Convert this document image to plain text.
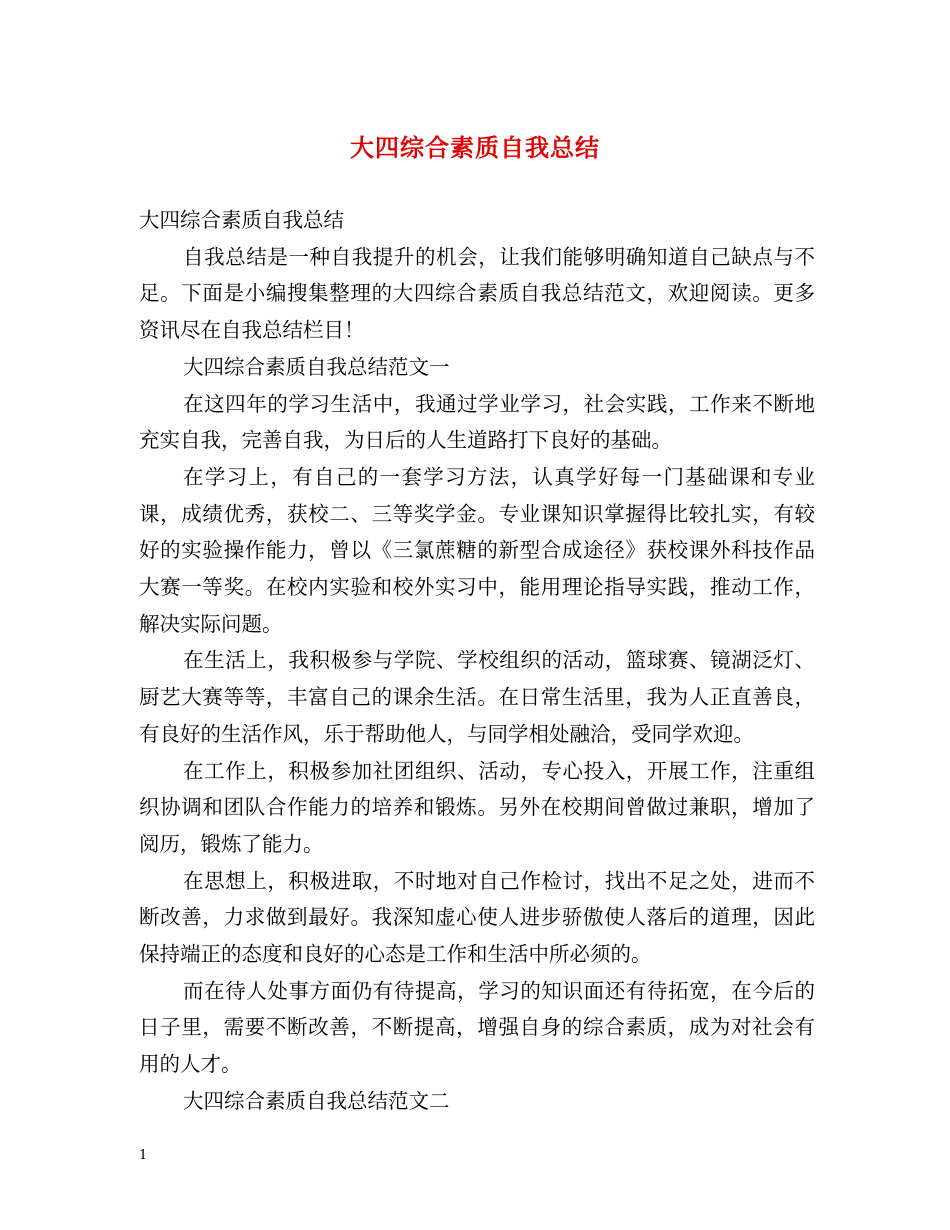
大四综合素质自我总结

大四综合素质自我总结

自我总结是一种自我提升的机会，让我们能够明确知道自己缺点与不足。下面是小编搜集整理的大四综合素质自我总结范文，欢迎阅读。更多资讯尽在自我总结栏目！

大四综合素质自我总结范文一

在这四年的学习生活中，我通过学业学习，社会实践，工作来不断地充实自我，完善自我，为日后的人生道路打下良好的基础。

在学习上，有自己的一套学习方法，认真学好每一门基础课和专业课，成绩优秀，获校二、三等奖学金。专业课知识掌握得比较扎实，有较好的实验操作能力，曾以《三氯蔗糖的新型合成途径》获校课外科技作品大赛一等奖。在校内实验和校外实习中，能用理论指导实践，推动工作，解决实际问题。

在生活上，我积极参与学院、学校组织的活动，篮球赛、镜湖泛灯、厨艺大赛等等，丰富自己的课余生活。在日常生活里，我为人正直善良，有良好的生活作风，乐于帮助他人，与同学相处融洽，受同学欢迎。

在工作上，积极参加社团组织、活动，专心投入，开展工作，注重组织协调和团队合作能力的培养和锻炼。另外在校期间曾做过兼职，增加了阅历，锻炼了能力。

在思想上，积极进取，不时地对自己作检讨，找出不足之处，进而不断改善，力求做到最好。我深知虚心使人进步骄傲使人落后的道理，因此保持端正的态度和良好的心态是工作和生活中所必须的。

而在待人处事方面仍有待提高，学习的知识面还有待拓宽，在今后的日子里，需要不断改善，不断提高，增强自身的综合素质，成为对社会有用的人才。

大四综合素质自我总结范文二

1
